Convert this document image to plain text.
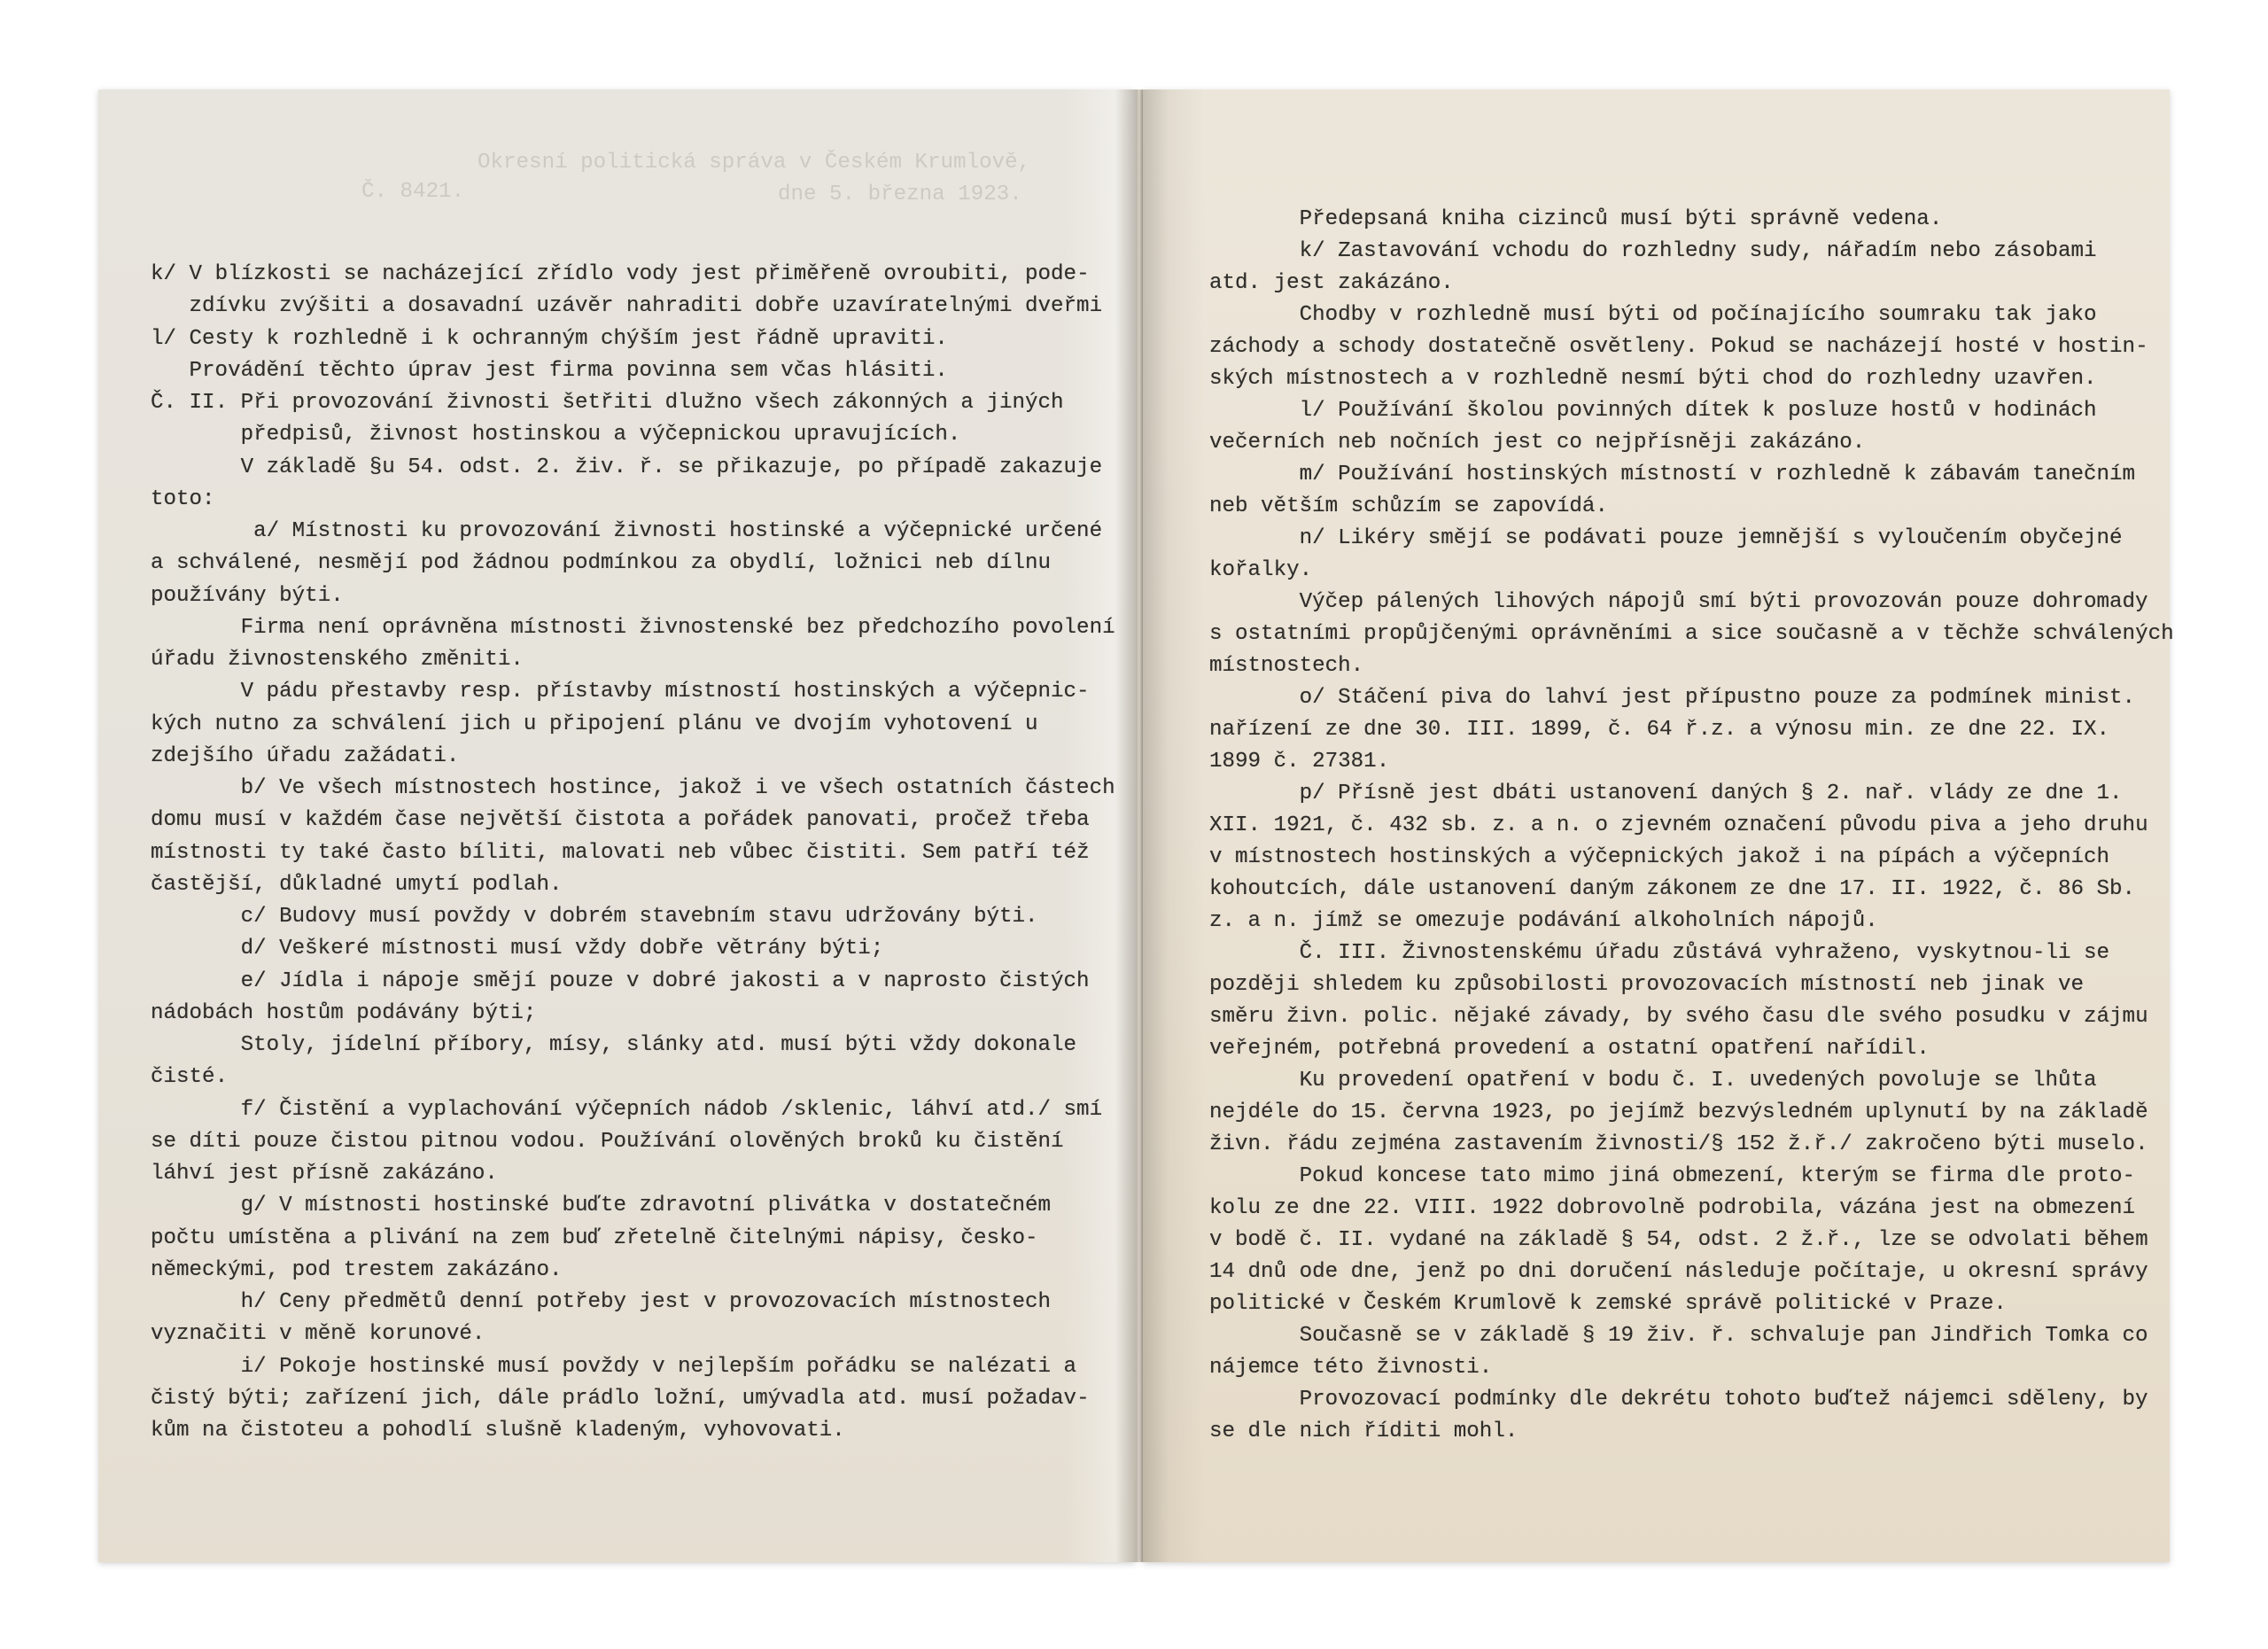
Okresní politická správa v Českém Krumlově,
Č. 8421.	dne 5. března 1923.
k/ V blízkosti se nacházející zřídlo vody jest přiměřeně ovroubiti, pode-
zdívku zvýšiti a dosavadní uzávěr nahraditi dobře uzavíratelnými dveřmi
l/ Cesty k rozhledně i k ochranným chýším jest řádně upraviti.
Provádění těchto úprav jest firma povinna sem včas hlásiti.
Č. II. Při provozování živnosti šetřiti dlužno všech zákonných a jiných
předpisů, živnost hostinskou a výčepnickou upravujících.
V základě §u 54. odst. 2. živ. ř. se přikazuje, po případě zakazuje
toto:
a/ Místnosti ku provozování živnosti hostinské a výčepnické určené
a schválené, nesmějí pod žádnou podmínkou za obydlí, ložnici neb dílnu
používány býti.
Firma není oprávněna místnosti živnostenské bez předchozího povolení
úřadu živnostenského změniti.
V pádu přestavby resp. přístavby místností hostinských a výčepnic-
kých nutno za schválení jich u připojení plánu ve dvojím vyhotovení u
zdejšího úřadu zažádati.
b/ Ve všech místnostech hostince, jakož i ve všech ostatních částech
domu musí v každém čase největší čistota a pořádek panovati, pročež třeba
místnosti ty také často bíliti, malovati neb vůbec čistiti. Sem patří též
častější, důkladné umytí podlah.
c/ Budovy musí povždy v dobrém stavebním stavu udržovány býti.
d/ Veškeré místnosti musí vždy dobře větrány býti;
e/ Jídla i nápoje smějí pouze v dobré jakosti a v naprosto čistých
nádobách hostům podávány býti;
Stoly, jídelní příbory, mísy, slánky atd. musí býti vždy dokonale
čisté.
f/ Čistění a vyplachování výčepních nádob /sklenic, láhví atd./ smí
se díti pouze čistou pitnou vodou. Používání olověných broků ku čistění
láhví jest přísně zakázáno.
g/ V místnosti hostinské buďte zdravotní plivátka v dostatečném
počtu umístěna a plivání na zem buď zřetelně čitelnými nápisy, česko-
německými, pod trestem zakázáno.
h/ Ceny předmětů denní potřeby jest v provozovacích místnostech
vyznačiti v měně korunové.
i/ Pokoje hostinské musí povždy v nejlepším pořádku se nalézati a
čistý býti; zařízení jich, dále prádlo ložní, umývadla atd. musí požadav-
kům na čistoteu a pohodlí slušně kladeným, vyhovovati.
Předepsaná kniha cizinců musí býti správně vedena.
k/ Zastavování vchodu do rozhledny sudy, nářadím nebo zásobami
atd. jest zakázáno.
Chodby v rozhledně musí býti od počínajícího soumraku tak jako
záchody a schody dostatečně osvětleny. Pokud se nacházejí hosté v hostin-
ských místnostech a v rozhledně nesmí býti chod do rozhledny uzavřen.
l/ Používání školou povinných dítek k posluze hostů v hodinách
večerních neb nočních jest co nejpřísněji zakázáno.
m/ Používání hostinských místností v rozhledně k zábavám tanečním
neb větším schůzím se zapovídá.
n/ Likéry smějí se podávati pouze jemnější s vyloučením obyčejné
kořalky.
Výčep pálených lihových nápojů smí býti provozován pouze dohromady
s ostatními propůjčenými oprávněními a sice současně a v těchže schválených
místnostech.
o/ Stáčení piva do lahví jest přípustno pouze za podmínek minist.
nařízení ze dne 30. III. 1899, č. 64 ř.z. a výnosu min. ze dne 22. IX.
1899 č. 27381.
p/ Přísně jest dbáti ustanovení daných § 2. nař. vlády ze dne 1.
XII. 1921, č. 432 sb. z. a n. o zjevném označení původu piva a jeho druhu
v místnostech hostinských a výčepnických jakož i na pípách a výčepních
kohoutcích, dále ustanovení daným zákonem ze dne 17. II. 1922, č. 86 Sb.
z. a n. jímž se omezuje podávání alkoholních nápojů.
Č. III. Živnostenskému úřadu zůstává vyhraženo, vyskytnou-li se
později shledem ku způsobilosti provozovacích místností neb jinak ve
směru živn. polic. nějaké závady, by svého času dle svého posudku v zájmu
veřejném, potřebná provedení a ostatní opatření nařídil.
Ku provedení opatření v bodu č. I. uvedených povoluje se lhůta
nejdéle do 15. června 1923, po jejímž bezvýsledném uplynutí by na základě
živn. řádu zejména zastavením živnosti/§ 152 ž.ř./ zakročeno býti muselo.
Pokud koncese tato mimo jiná obmezení, kterým se firma dle proto-
kolu ze dne 22. VIII. 1922 dobrovolně podrobila, vázána jest na obmezení
v bodě č. II. vydané na základě § 54, odst. 2 ž.ř., lze se odvolati během
14 dnů ode dne, jenž po dni doručení následuje počítaje, u okresní správy
politické v Českém Krumlově k zemské správě politické v Praze.
Současně se v základě § 19 živ. ř. schvaluje pan Jindřich Tomka co
nájemce této živnosti.
Provozovací podmínky dle dekrétu tohoto buďtež nájemci sděleny, by
se dle nich říditi mohl.
